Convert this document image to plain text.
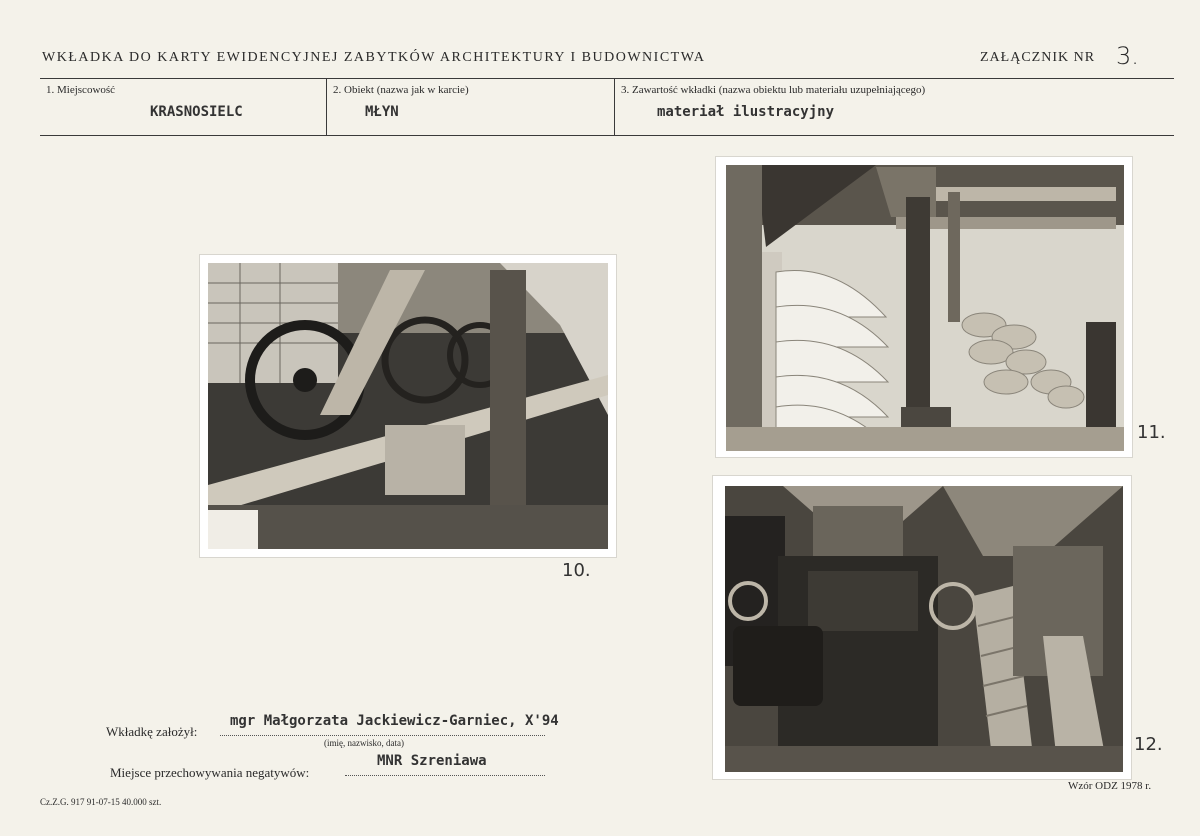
WKŁADKA DO KARTY EWIDENCYJNEJ ZABYTKÓW ARCHITEKTURY I BUDOWNICTWA	ZAŁĄCZNIK NR 3.
1. Miejscowość
KRASNOSIELC
2. Obiekt (nazwa jak w karcie)
MŁYN
3. Zawartość wkładki (nazwa obiektu lub materiału uzupełniającego)
materiał ilustracyjny
10.
11.
12.
Wkładkę założył:
mgr Małgorzata Jackiewicz-Garniec, X'94
(imię, nazwisko, data)
Miejsce przechowywania negatywów:
MNR Szreniawa
Cz.Z.G. 917 91-07-15 40.000 szt.
Wzór ODZ 1978 r.
